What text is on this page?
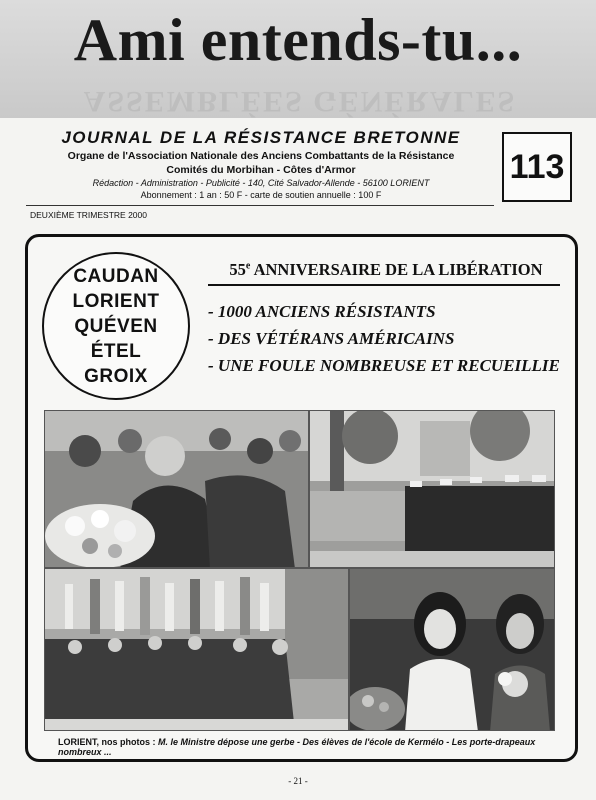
ASSEMBLÉES GÉNÉRALES
Ami entends-tu...
JOURNAL DE LA RÉSISTANCE BRETONNE
Organe de l'Association Nationale des Anciens Combattants de la Résistance
Comités du Morbihan - Côtes d'Armor
Rédaction - Administration - Publicité - 140, Cité Salvador-Allende - 56100 LORIENT
Abonnement : 1 an : 50 F - carte de soutien annuelle : 100 F
113
DEUXIÈME TRIMESTRE 2000
CAUDAN
LORIENT
QUÉVEN
ÉTEL
GROIX
55e ANNIVERSAIRE DE LA LIBÉRATION
- 1000 ANCIENS RÉSISTANTS
- DES VÉTÉRANS AMÉRICAINS
- UNE FOULE NOMBREUSE ET RECUEILLIE
LORIENT, nos photos : M. le Ministre dépose une gerbe - Des élèves de l'école de Kermélo - Les porte-drapeaux nombreux ...
- 21 -
